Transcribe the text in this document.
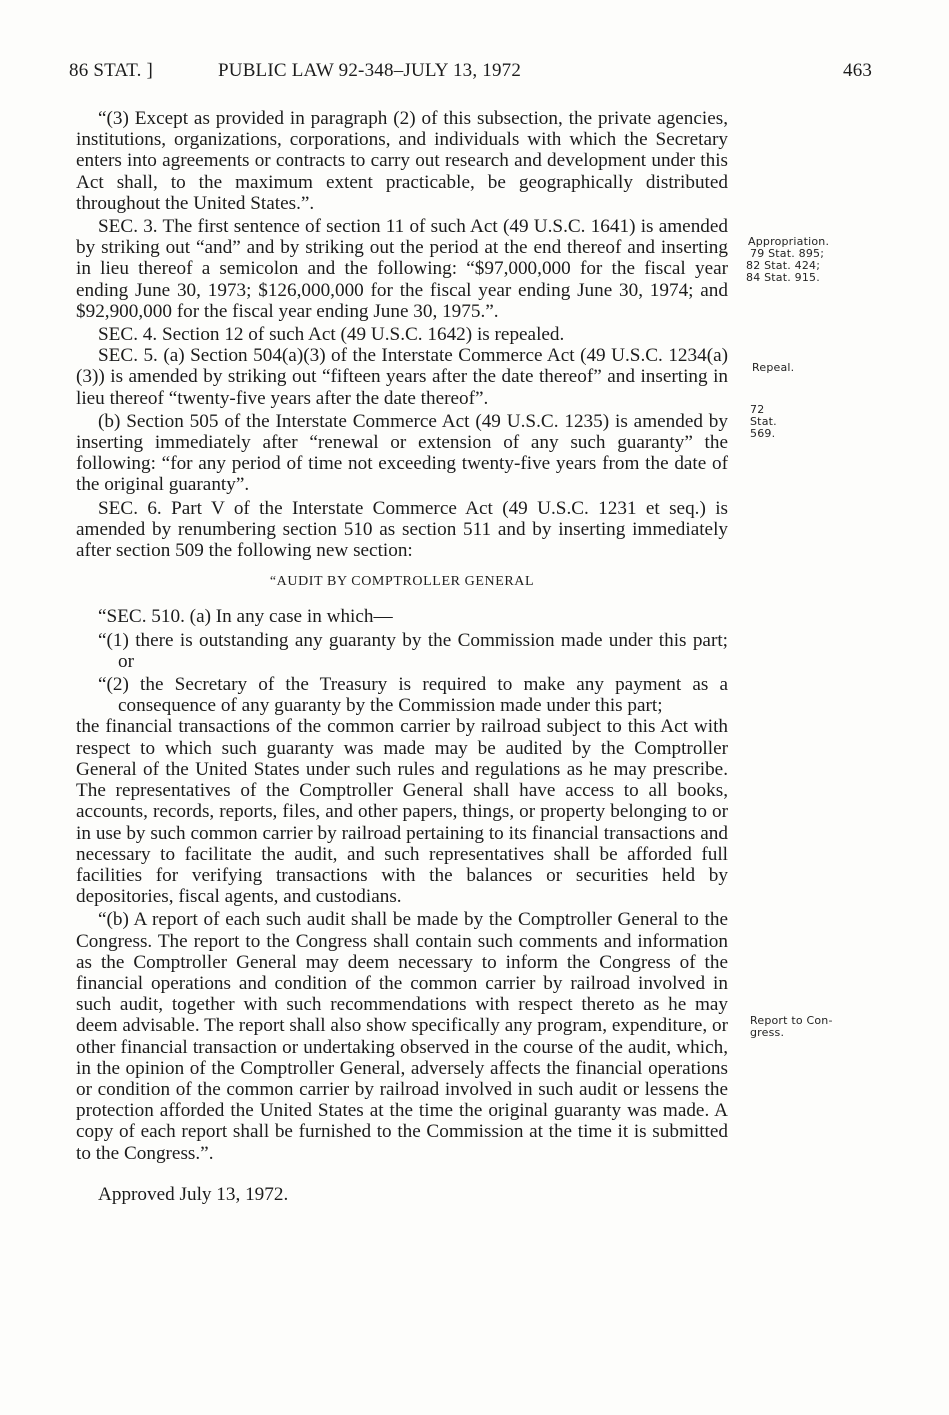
86 STAT. ]	PUBLIC LAW 92-348–JULY 13, 1972	463

“(3) Except as provided in paragraph (2) of this subsection, the private agencies, institutions, organizations, corporations, and individuals with which the Secretary enters into agreements or contracts to carry out research and development under this Act shall, to the maximum extent practicable, be geographically distributed throughout the United States.”.

SEC. 3. The first sentence of section 11 of such Act (49 U.S.C. 1641) is amended by striking out “and” and by striking out the period at the end thereof and inserting in lieu thereof a semicolon and the following: “$97,000,000 for the fiscal year ending June 30, 1973; $126,000,000 for the fiscal year ending June 30, 1974; and $92,900,000 for the fiscal year ending June 30, 1975.”.

SEC. 4. Section 12 of such Act (49 U.S.C. 1642) is repealed.

SEC. 5. (a) Section 504(a)(3) of the Interstate Commerce Act (49 U.S.C. 1234(a)(3)) is amended by striking out “fifteen years after the date thereof” and inserting in lieu thereof “twenty-five years after the date thereof”.

(b) Section 505 of the Interstate Commerce Act (49 U.S.C. 1235) is amended by inserting immediately after “renewal or extension of any such guaranty” the following: “for any period of time not exceeding twenty-five years from the date of the original guaranty”.

SEC. 6. Part V of the Interstate Commerce Act (49 U.S.C. 1231 et seq.) is amended by renumbering section 510 as section 511 and by inserting immediately after section 509 the following new section:

“AUDIT BY COMPTROLLER GENERAL

“SEC. 510. (a) In any case in which—

“(1) there is outstanding any guaranty by the Commission made under this part; or

“(2) the Secretary of the Treasury is required to make any payment as a consequence of any guaranty by the Commission made under this part;

the financial transactions of the common carrier by railroad subject to this Act with respect to which such guaranty was made may be audited by the Comptroller General of the United States under such rules and regulations as he may prescribe. The representatives of the Comptroller General shall have access to all books, accounts, records, reports, files, and other papers, things, or property belonging to or in use by such common carrier by railroad pertaining to its financial transactions and necessary to facilitate the audit, and such representatives shall be afforded full facilities for verifying transactions with the balances or securities held by depositories, fiscal agents, and custodians.

“(b) A report of each such audit shall be made by the Comptroller General to the Congress. The report to the Congress shall contain such comments and information as the Comptroller General may deem necessary to inform the Congress of the financial operations and condition of the common carrier by railroad involved in such audit, together with such recommendations with respect thereto as he may deem advisable. The report shall also show specifically any program, expenditure, or other financial transaction or undertaking observed in the course of the audit, which, in the opinion of the Comptroller General, adversely affects the financial operations or condition of the common carrier by railroad involved in such audit or lessens the protection afforded the United States at the time the original guaranty was made. A copy of each report shall be furnished to the Commission at the time it is submitted to the Congress.”.

Approved July 13, 1972.

Appropriation.
79 Stat. 895;
82 Stat. 424;
84 Stat. 915.
Repeal.
72 Stat. 569.
Report to Con-
gress.
